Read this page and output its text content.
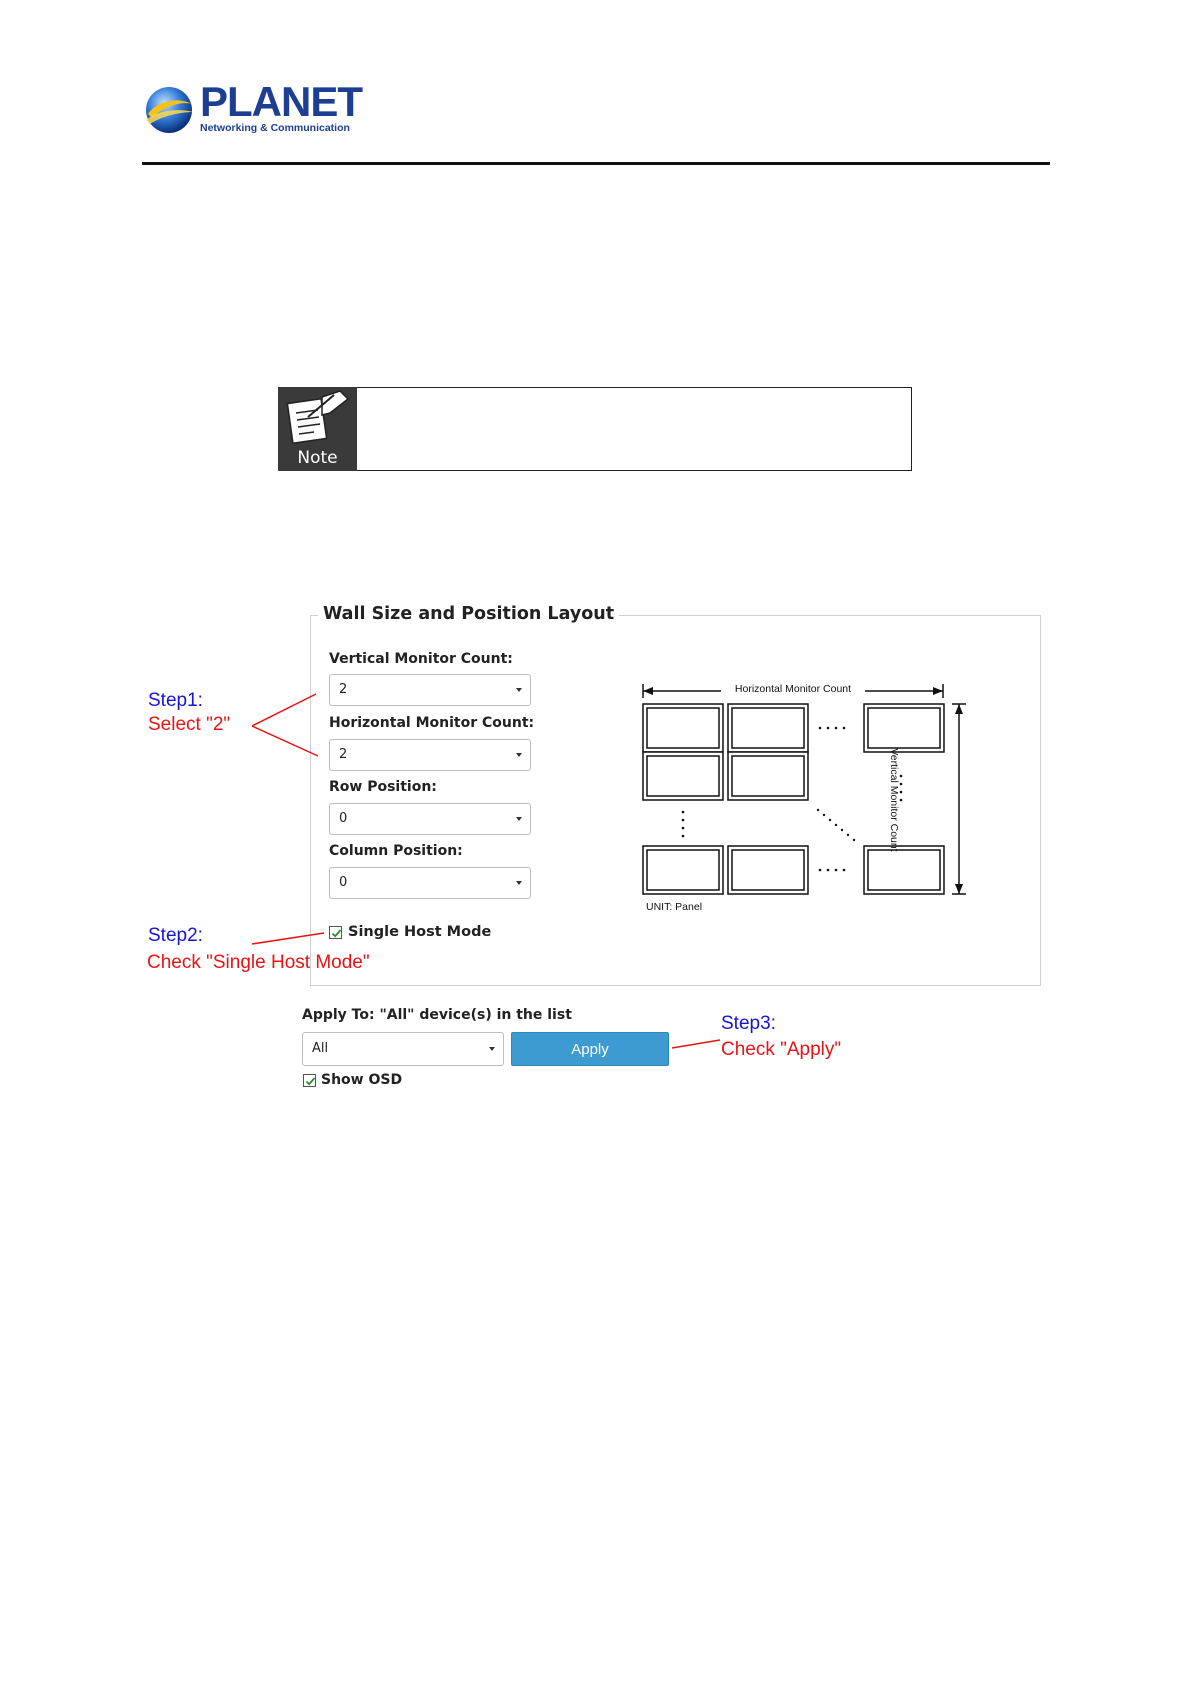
PLANET
Networking & Communication
Note
Wall Size and Position Layout
Vertical Monitor Count:
2
Horizontal Monitor Count:
2
Row Position:
0
Column Position:
0
Single Host Mode
Horizontal Monitor Count
Vertical Monitor Count
UNIT: Panel
Step1:
Select "2"
Step2:
Check "Single Host Mode"
Step3:
Check "Apply"
Apply To: "All" device(s) in the list
All	Apply
Show OSD
